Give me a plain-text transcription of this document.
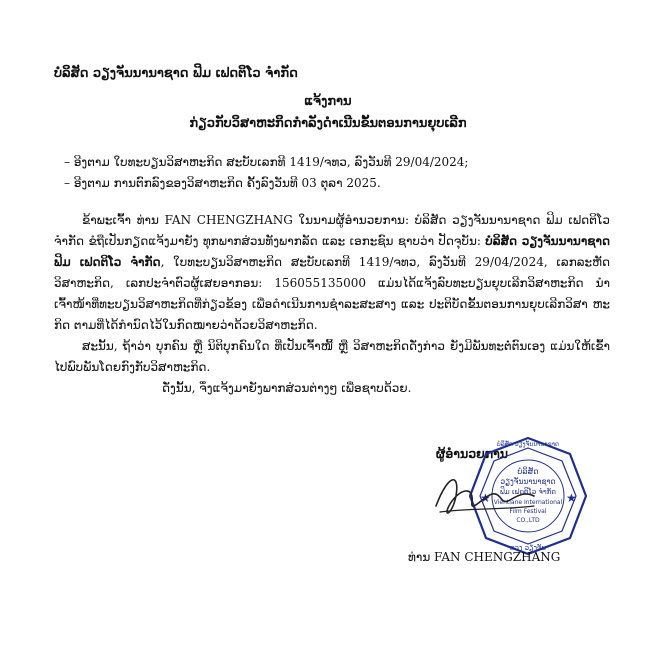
ບໍລິສັດ ວຽງຈັນນານາຊາດ ຟິມ ເຟດຕິໂວ ຈຳກັດ
ແຈ້ງການ
ກ່ຽວກັບວິສາຫະກິດກຳລັງດຳເນີນຂັ້ນຕອນການຍຸບເລີກ
– ອີງຕາມ ໃບທະບຽນວິສາຫະກິດ ສະບັບເລກທີ 1419/ຈທວ, ລົງວັນທີ 29/04/2024;
– ອີງຕາມ ການຕົກລົງຂອງວິສາຫະກິດ ຄັ້ງລົງວັນທີ 03 ຕຸລາ 2025.

ຂ້າພະເຈົ້າ ທ່ານ FAN CHENGZHANG ໃນນາມຜູ້ອຳນວຍການ: ບໍລິສັດ ວຽງຈັນນານາຊາດ ຟິມ ເຟດຕິໂວ ຈຳກັດ ຂໍຖືເປັນກຽດແຈ້ງມາຍັງ ທຸກພາກສ່ວນທັງພາກລັດ ແລະ ເອກະຊົນ ຊາບວ່າ ປັດຈຸບັນ: ບໍລິສັດ ວຽງຈັນນານາຊາດ ຟິມ ເຟດຕິໂວ ຈຳກັດ, ໃບທະບຽນວິສາຫະກິດ ສະບັບເລກທີ 1419/ຈທວ, ລົງວັນທີ 29/04/2024, ເລກລະຫັດວິສາຫະກິດ, ເລກປະຈຳຕົວຜູ້ເສຍອາກອນ: 156055135000 ແມ່ນໄດ້ແຈ້ງລົບທະບຽນຍຸບເລີກວິສາຫະກິດ ນຳເຈົ້າໜ້າທີ່ທະບຽນວິສາຫະກິດທີ່ກ່ຽວຂ້ອງ ເພື່ອດຳເນີນການຊຳລະສະສາງ ແລະ ປະຕິບັດຂັ້ນຕອນການຍຸບເລີກວິສາ ຫະກິດ ຕາມທີ່ໄດ້ກຳນົດໄວ້ໃນກົດໝາຍວ່າດ້ວຍວິສາຫະກິດ.

ສະນັ້ນ, ຖ້າວ່າ ບຸກຄົນ ຫຼື ນິຕິບຸກຄົນໃດ ທີ່ເປັນເຈົ້າໜີ້ ຫຼື ວິສາຫະກິດດັ່ງກ່າວ ຍັງມີພັນທະຕໍ່ຕົນເອງ ແມ່ນໃຫ້ເຂົ້າໄປພົບພັນໂດຍກົງກັບວິສາຫະກິດ.

ດັ່ງນັ້ນ, ຈຶ່ງແຈ້ງມາຍັງພາກສ່ວນຕ່າງໆ ເພື່ອຊາບດ້ວຍ.
ຜູ້ອຳນວຍການ
ບໍລິສັດ ວຽງຈັນນານາຊາດ
ບໍລິສັດ
ວຽງຈັນນານາຊາດ
ຟິມ ເຟດຕິໂວ ຈຳກັດ
Vientiane International
Film Festival
CO.,LTD
ທວງ ວຽງຈັນ
★	★
ທ່ານ FAN CHENGZHANG
